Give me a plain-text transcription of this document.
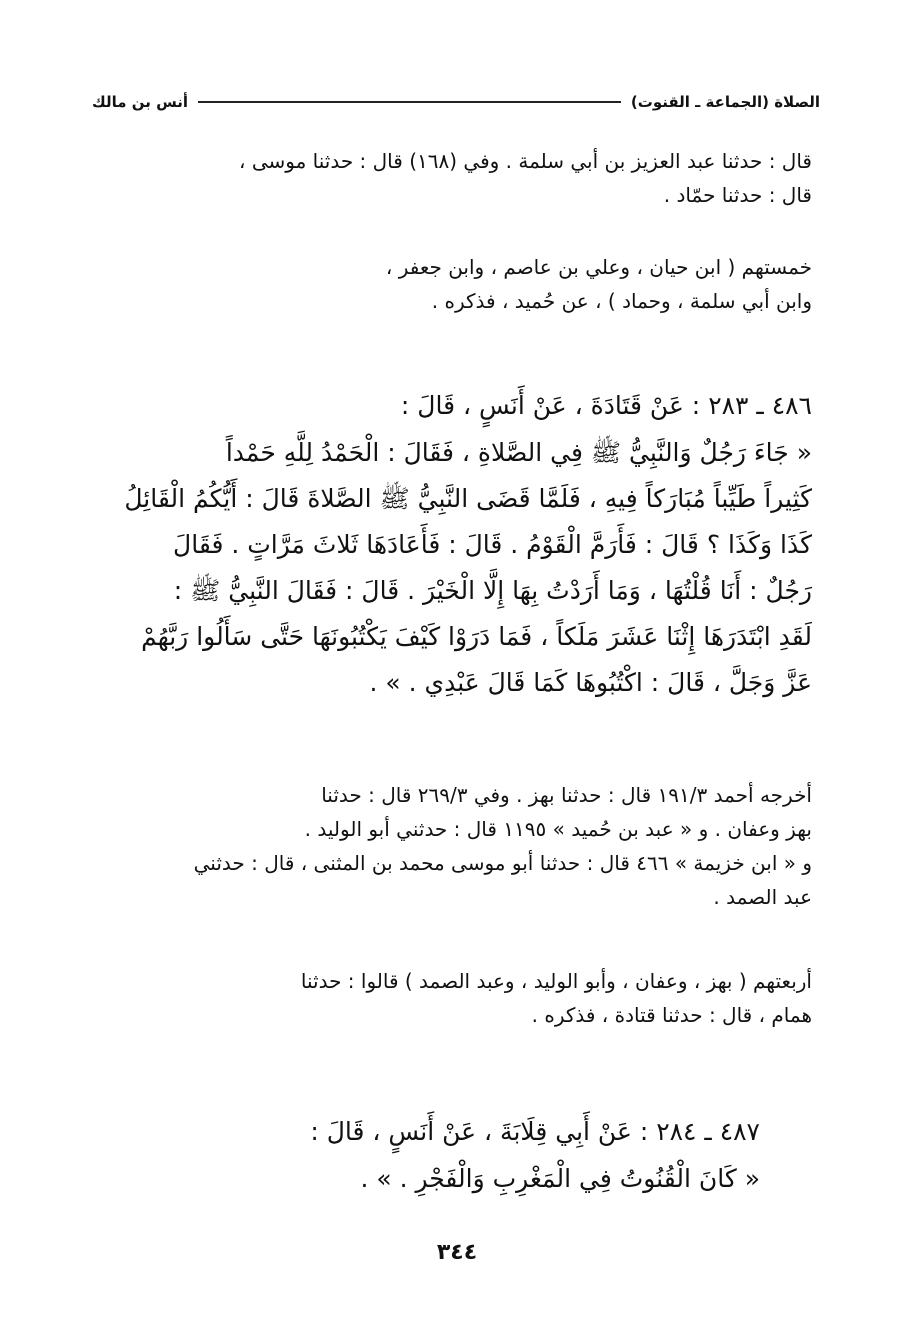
الصلاة (الجماعة ـ القنوت)
أنس بن مالك
قال : حدثنا عبد العزيز بن أبي سلمة . وفي (١٦٨) قال : حدثنا موسى ،
قال : حدثنا حمّاد .
خمستهم ( ابن حيان ، وعلي بن عاصم ، وابن جعفر ،
وابن أبي سلمة ، وحماد ) ، عن حُميد ، فذكره .
٤٨٦ ـ ٢٨٣ : عَنْ قَتَادَةَ ، عَنْ أَنَسٍ ، قَالَ :
« جَاءَ رَجُلٌ وَالنَّبِيُّ ﷺ فِي الصَّلاةِ ، فَقَالَ : الْحَمْدُ لِلَّهِ حَمْداً
كَثِيراً طَيِّباً مُبَارَكاً فِيهِ ، فَلَمَّا قَضَى النَّبِيُّ ﷺ الصَّلاةَ قَالَ : أَيُّكُمُ الْقَائِلُ
كَذَا وَكَذَا ؟ قَالَ : فَأَرَمَّ الْقَوْمُ . قَالَ : فَأَعَادَهَا ثَلاثَ مَرَّاتٍ . فَقَالَ
رَجُلٌ : أَنَا قُلْتُهَا ، وَمَا أَرَدْتُ بِهَا إِلَّا الْخَيْرَ . قَالَ : فَقَالَ النَّبِيُّ ﷺ :
لَقَدِ ابْتَدَرَهَا إِثْنَا عَشَرَ مَلَكاً ، فَمَا دَرَوْا كَيْفَ يَكْتُبُونَهَا حَتَّى سَأَلُوا رَبَّهُمْ
عَزَّ وَجَلَّ ، قَالَ : اكْتُبُوهَا كَمَا قَالَ عَبْدِي . » .
أخرجه أحمد ١٩١/٣ قال : حدثنا بهز . وفي ٢٦٩/٣ قال : حدثنا
بهز وعفان . و « عبد بن حُميد » ١١٩٥ قال : حدثني أبو الوليد .
و « ابن خزيمة » ٤٦٦ قال : حدثنا أبو موسى محمد بن المثنى ، قال : حدثني
عبد الصمد .
أربعتهم ( بهز ، وعفان ، وأبو الوليد ، وعبد الصمد ) قالوا : حدثنا
همام ، قال : حدثنا قتادة ، فذكره .
٤٨٧ ـ ٢٨٤ : عَنْ أَبِي قِلَابَةَ ، عَنْ أَنَسٍ ، قَالَ :
« كَانَ الْقُنُوتُ فِي الْمَغْرِبِ وَالْفَجْرِ . » .
٣٤٤
